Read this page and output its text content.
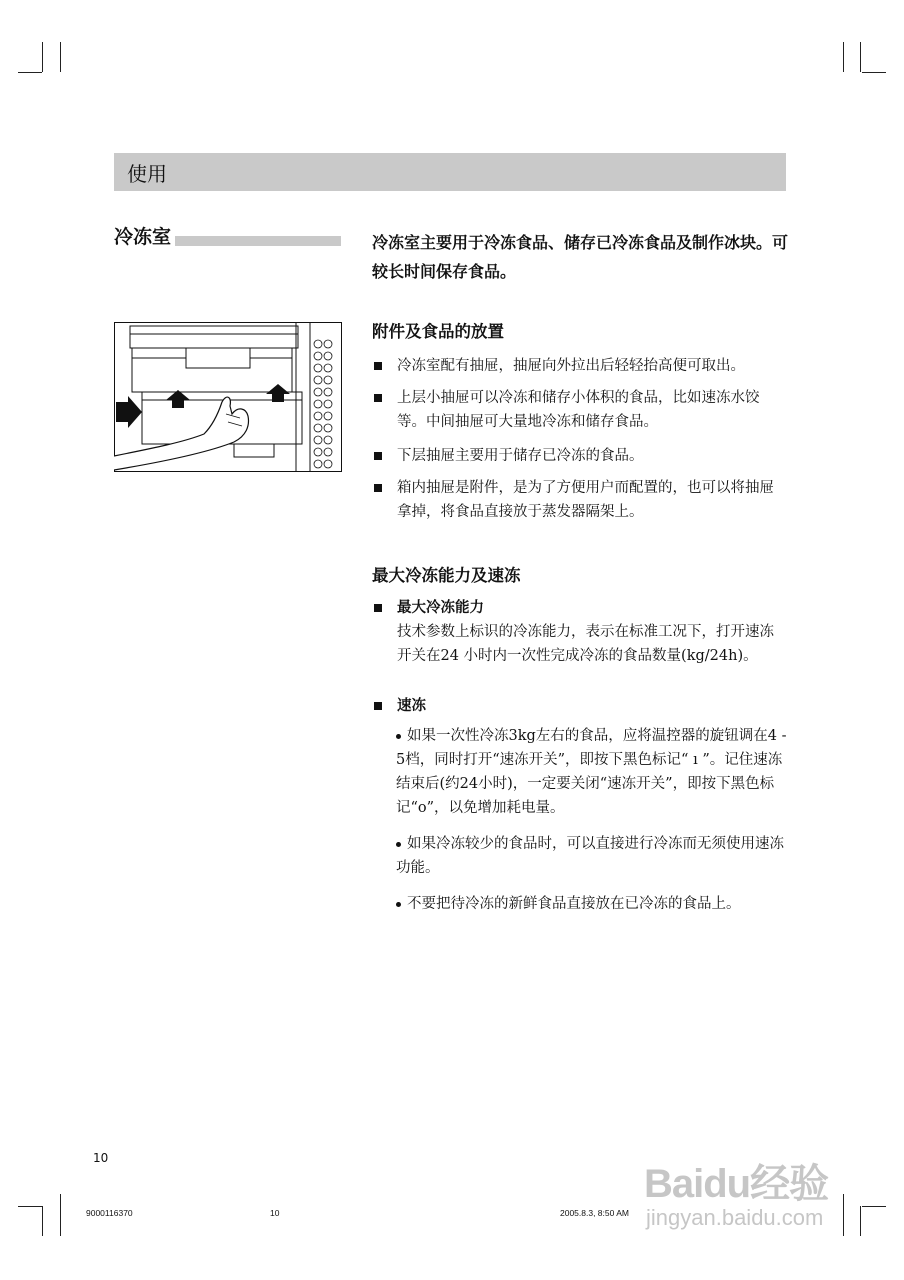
使用
冷冻室	冷冻室主要用于冷冻食品、储存已冷冻食品及制作冰块。可较长时间保存食品。
附件及食品的放置
冷冻室配有抽屉，抽屉向外拉出后轻轻抬高便可取出。
上层小抽屉可以冷冻和储存小体积的食品，比如速冻水饺等。中间抽屉可大量地冷冻和储存食品。
下层抽屉主要用于储存已冷冻的食品。
箱内抽屉是附件，是为了方便用户而配置的，也可以将抽屉拿掉，将食品直接放于蒸发器隔架上。
最大冷冻能力及速冻
最大冷冻能力
技术参数上标识的冷冻能力，表示在标准工况下，打开速冻开关在24 小时内一次性完成冷冻的食品数量(kg/24h)。
速冻
如果一次性冷冻3kg左右的食品，应将温控器的旋钮调在4 - 5档，同时打开“速冻开关”，即按下黑色标记“ ı ”。记住速冻结束后(约24小时)，一定要关闭“速冻开关”，即按下黑色标记“o”，以免增加耗电量。
如果冷冻较少的食品时，可以直接进行冷冻而无须使用速冻功能。
不要把待冷冻的新鲜食品直接放在已冷冻的食品上。
10
9000116370	10	2005.8.3, 8:50 AM
Baidu经验
jingyan.baidu.com
